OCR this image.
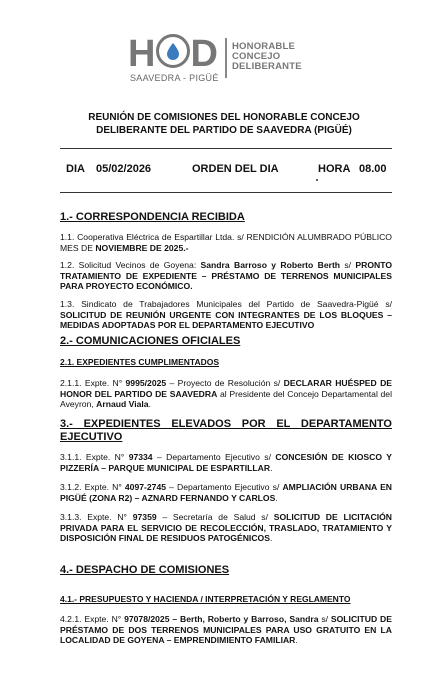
H D
SAAVEDRA - PIGÜÉ
HONORABLE
CONCEJO
DELIBERANTE
REUNIÓN DE COMISIONES DEL HONORABLE CONCEJO
DELIBERANTE DEL PARTIDO DE SAAVEDRA (PIGÜÉ)
DIA 05/02/2026	ORDEN DEL DIA	HORA 08.00
1.- CORRESPONDENCIA RECIBIDA
1.1. Cooperativa Eléctrica de Espartillar Ltda. s/ RENDICIÓN ALUMBRADO PÚBLICO MES DE NOVIEMBRE DE 2025.-
1.2. Solicitud Vecinos de Goyena: Sandra Barroso y Roberto Berth s/ PRONTO TRATAMIENTO DE EXPEDIENTE – PRÉSTAMO DE TERRENOS MUNICIPALES PARA PROYECTO ECONÓMICO.
1.3. Sindicato de Trabajadores Municipales del Partido de Saavedra-Pigüé s/ SOLICITUD DE REUNIÓN URGENTE CON INTEGRANTES DE LOS BLOQUES – MEDIDAS ADOPTADAS POR EL DEPARTAMENTO EJECUTIVO
2.- COMUNICACIONES OFICIALES
2.1. EXPEDIENTES CUMPLIMENTADOS
2.1.1. Expte. N° 9995/2025 – Proyecto de Resolución s/ DECLARAR HUÉSPED DE HONOR DEL PARTIDO DE SAAVEDRA al Presidente del Concejo Departamental del Aveyron, Arnaud Viala.
3.- EXPEDIENTES ELEVADOS POR EL DEPARTAMENTO
EJECUTIVO
3.1.1. Expte. N° 97334 – Departamento Ejecutivo s/ CONCESIÓN DE KIOSCO Y PIZZERÍA – PARQUE MUNICIPAL DE ESPARTILLAR.
3.1.2. Expte. N° 4097-2745 – Departamento Ejecutivo s/ AMPLIACIÓN URBANA EN PIGÜÉ (ZONA R2) – AZNARD FERNANDO Y CARLOS.
3.1.3. Expte. N° 97359 – Secretaría de Salud s/ SOLICITUD DE LICITACIÓN PRIVADA PARA EL SERVICIO DE RECOLECCIÓN, TRASLADO, TRATAMIENTO Y DISPOSICIÓN FINAL DE RESIDUOS PATOGÉNICOS.
4.- DESPACHO DE COMISIONES
4.1.- PRESUPUESTO Y HACIENDA / INTERPRETACIÓN Y REGLAMENTO
4.2.1. Expte. N° 97078/2025 – Berth, Roberto y Barroso, Sandra s/ SOLICITUD DE PRÉSTAMO DE DOS TERRENOS MUNICIPALES PARA USO GRATUITO EN LA LOCALIDAD DE GOYENA – EMPRENDIMIENTO FAMILIAR.
